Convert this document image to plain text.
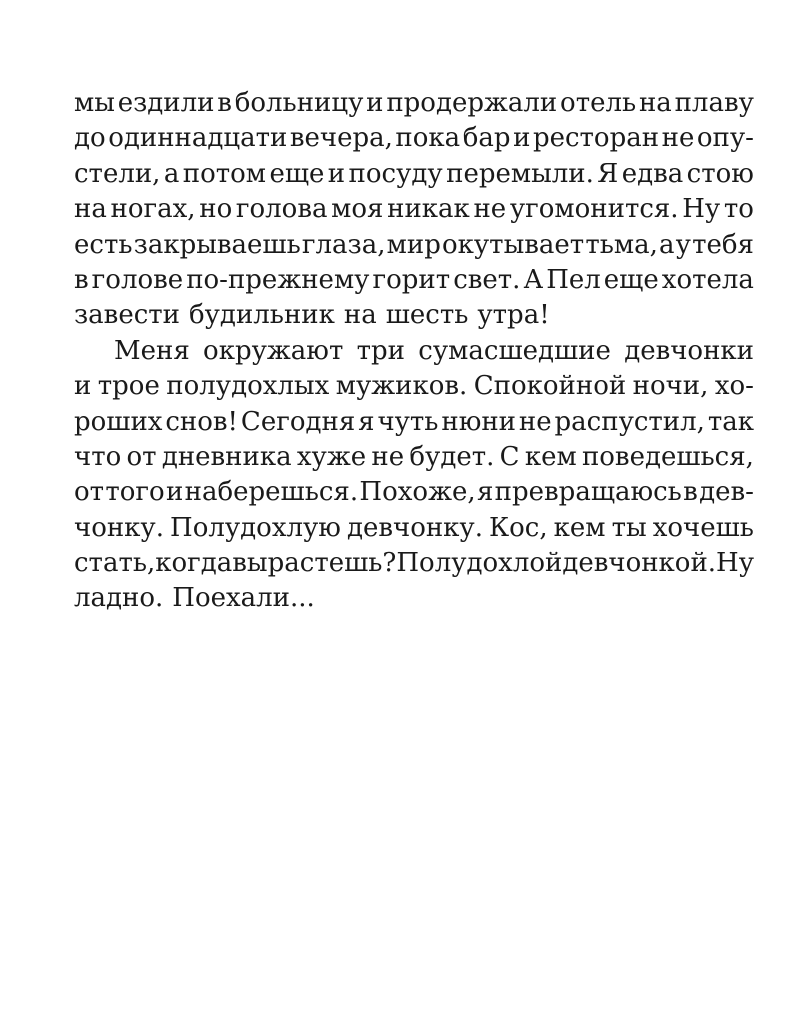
мы ездили в больницу и продержали отель на плаву
до одиннадцати вечера, пока бар и ресторан не опу-
стели, а потом еще и посуду перемыли. Я едва стою
на ногах, но голова моя никак не угомонится. Ну то
есть закрываешь глаза, мир окутывает тьма, а у тебя
в голове по-прежнему горит свет. А Пел еще хотела
завести будильник на шесть утра!
Меня окружают три сумасшедшие девчонки
и трое полудохлых мужиков. Спокойной ночи, хо-
роших снов! Сегодня я чуть нюни не распустил, так
что от дневника хуже не будет. С кем поведешься,
от того и наберешься. Похоже, я превращаюсь в дев-
чонку. Полудохлую девчонку. Кос, кем ты хочешь
стать, когда вырастешь? Полудохлой девчонкой. Ну
ладно. Поехали...
